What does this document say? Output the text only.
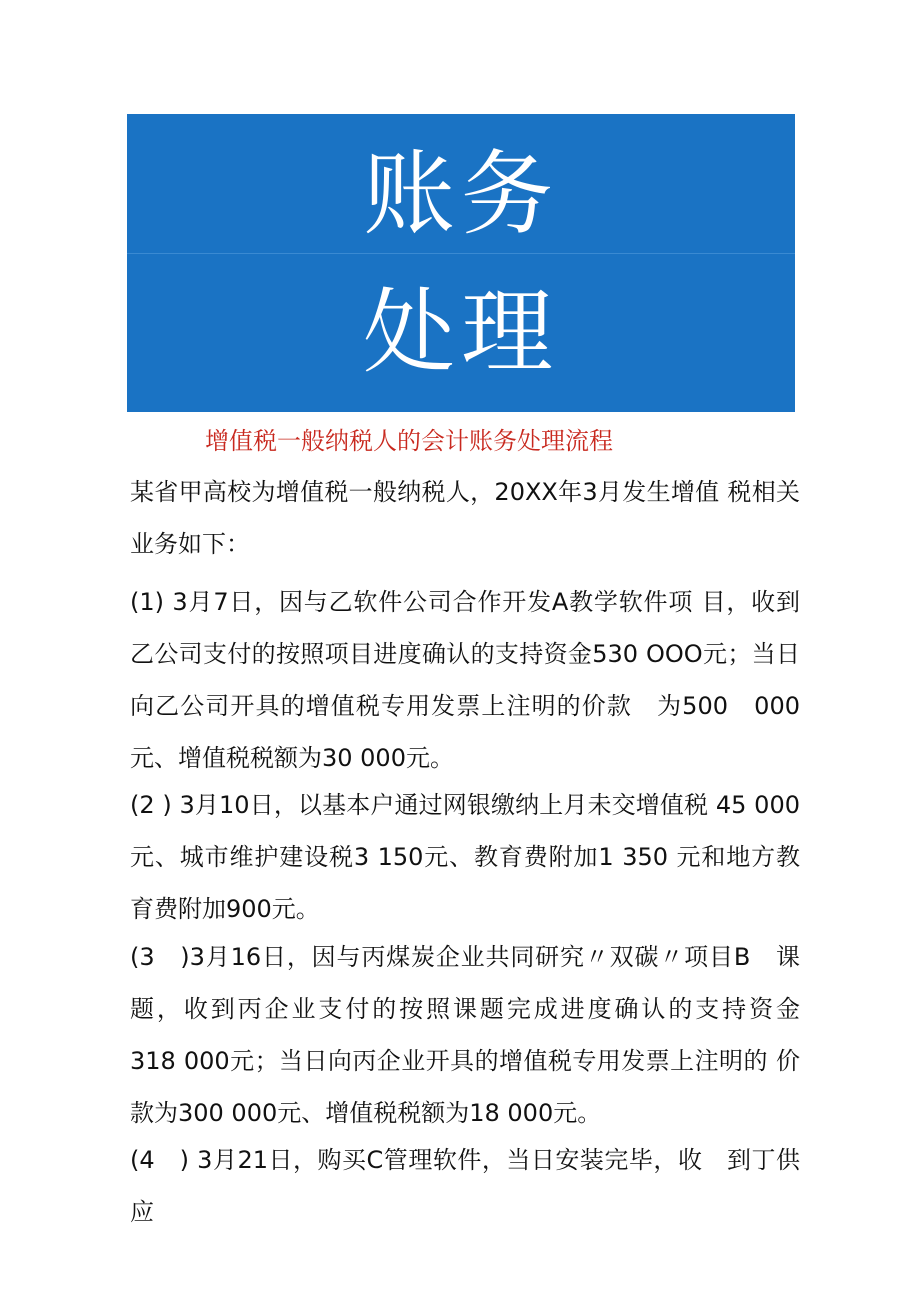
账务
处理
增值税一般纳税人的会计账务处理流程

某省甲高校为增值税一般纳税人，20XX年3月发生增值 税相关业务如下：

(1) 3月7日，因与乙软件公司合作开发A教学软件项 目，收到乙公司支付的按照项目进度确认的支持资金530 OOO元；当日向乙公司开具的增值税专用发票上注明的价款　为500　000元、增值税税额为30 000元。

(2 ) 3月10日，以基本户通过网银缴纳上月未交增值税 45 000元、城市维护建设税3 150元、教育费附加1 350 元和地方教育费附加900元。

(3　)3月16日，因与丙煤炭企业共同研究〃双碳〃项目B　课题，收到丙企业支付的按照课题完成进度确认的支持资金　　318 000元；当日向丙企业开具的增值税专用发票上注明的 价款为300 000元、增值税税额为18 000元。

(4　) 3月21日，购买C管理软件，当日安装完毕，收　到丁供应
